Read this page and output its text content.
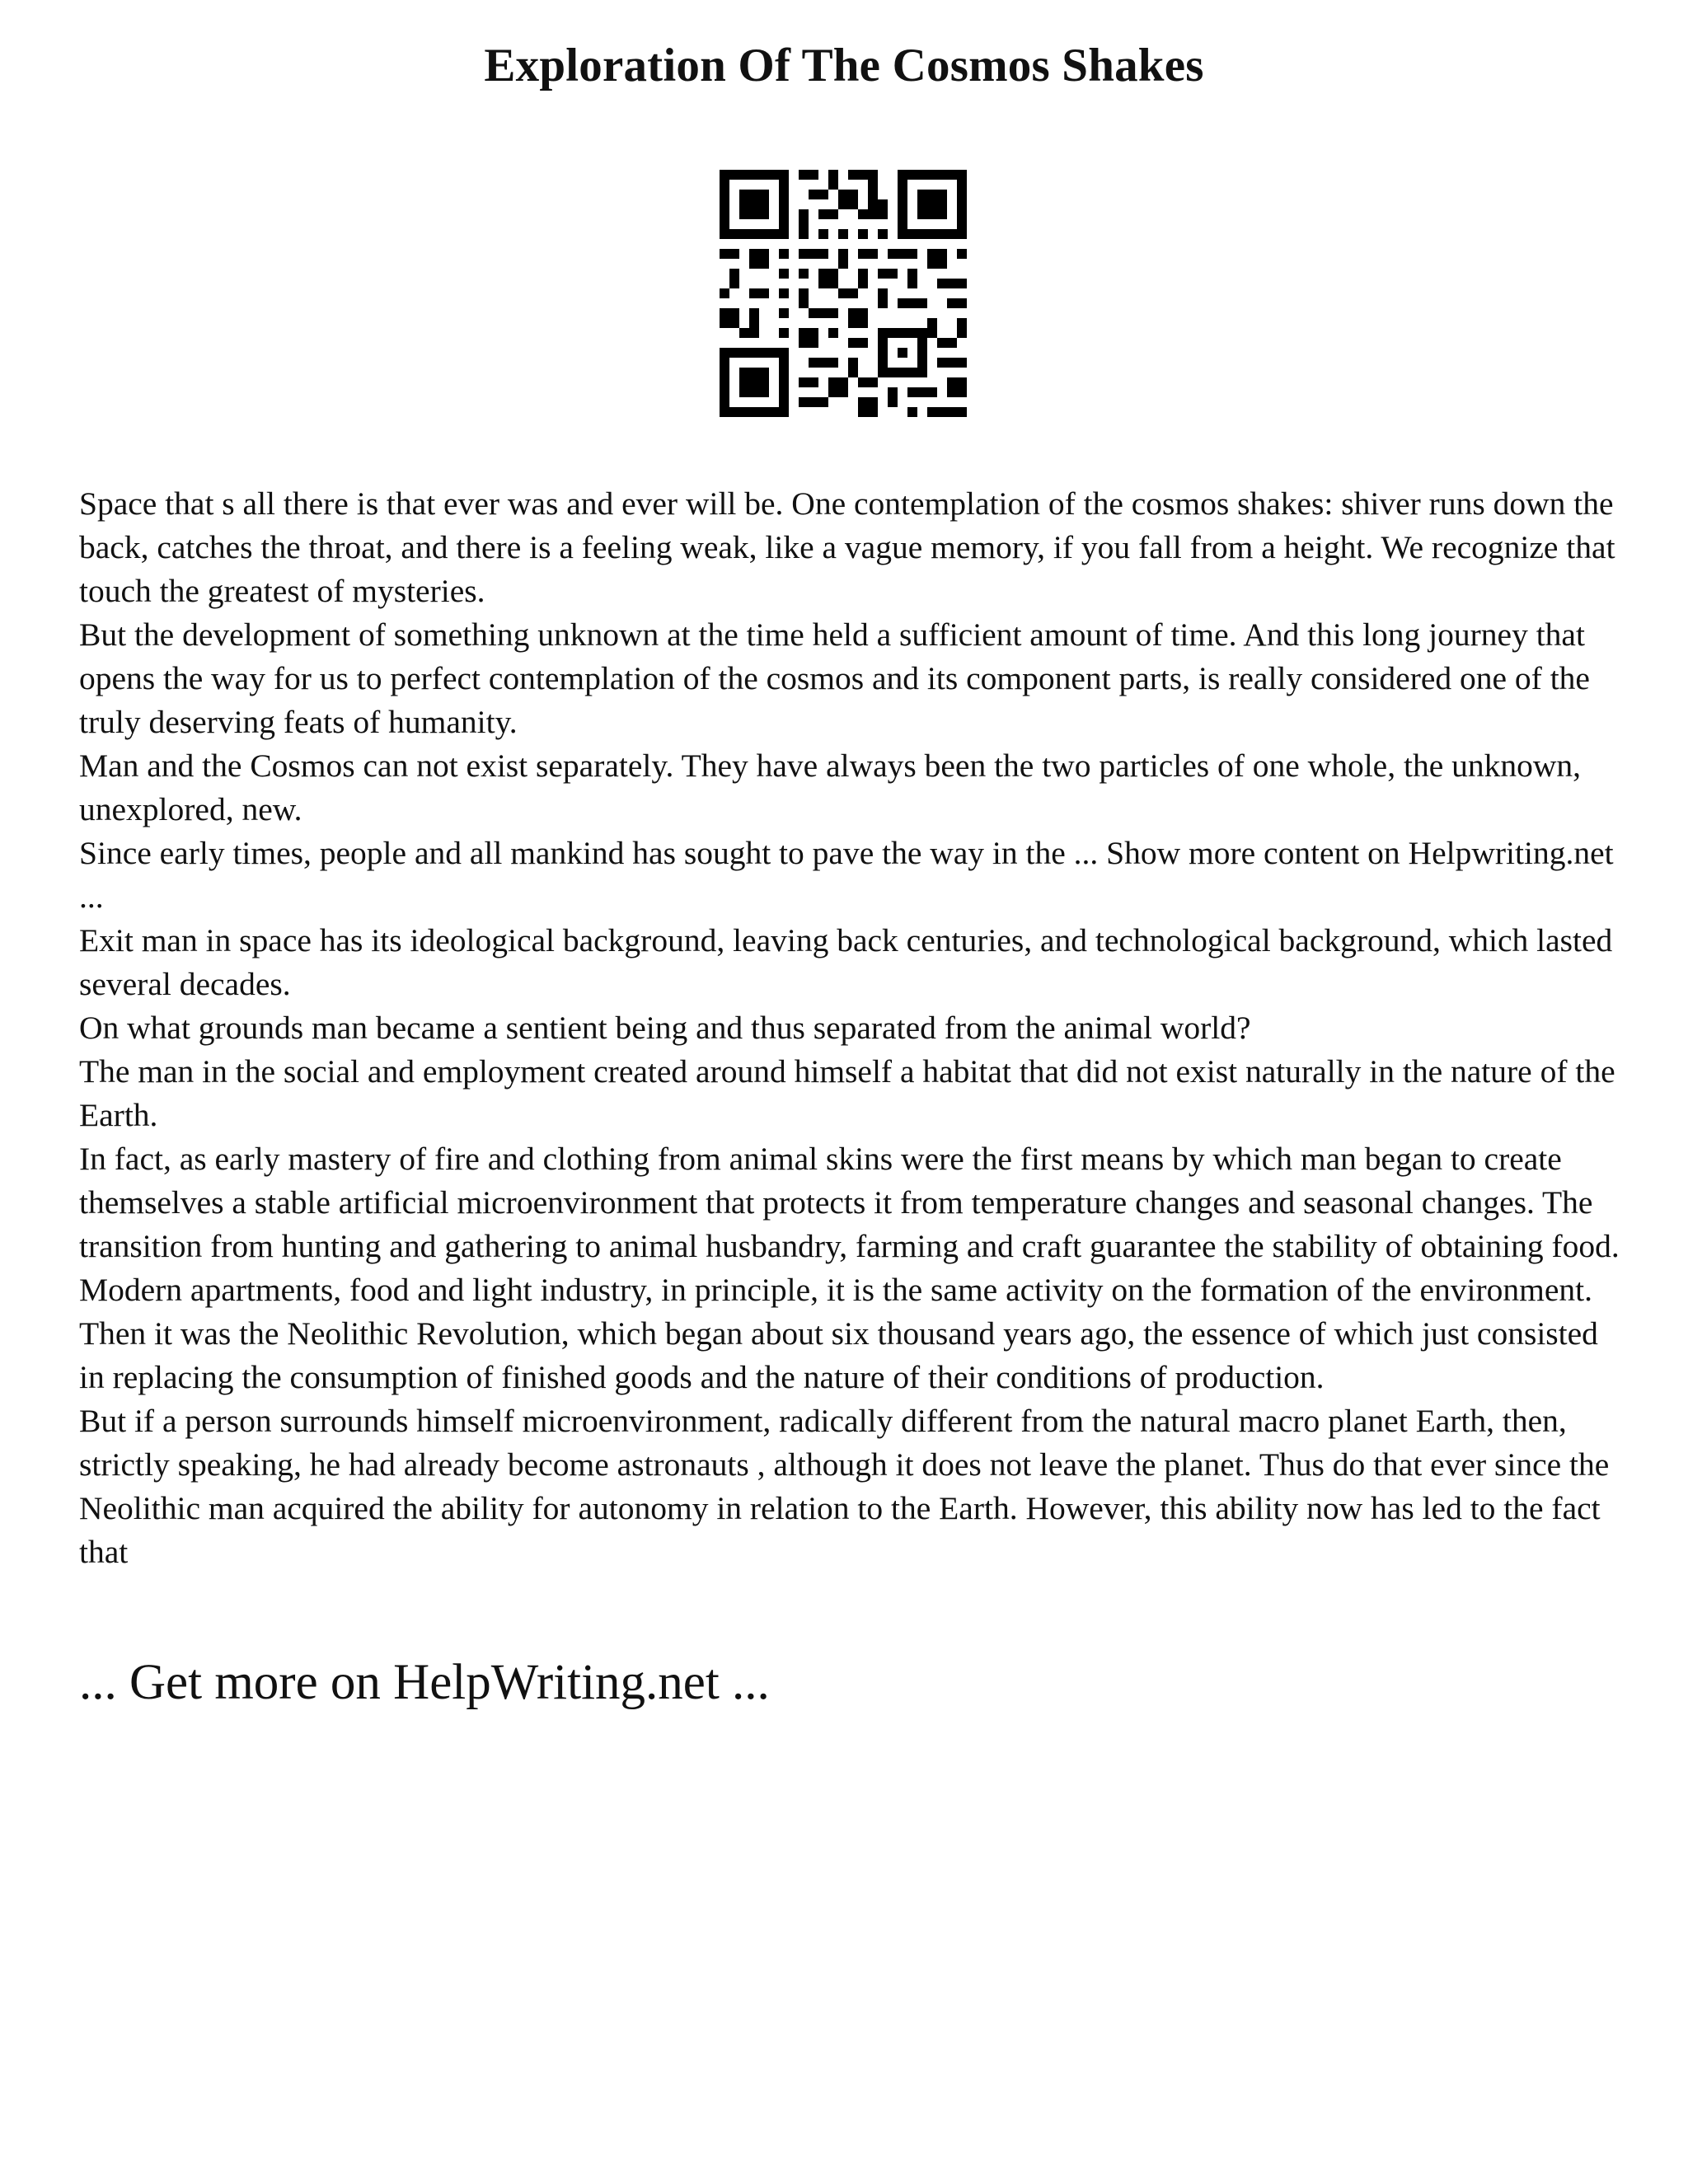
Exploration Of The Cosmos Shakes

Space that s all there is that ever was and ever will be. One contemplation of the cosmos shakes: shiver runs down the back, catches the throat, and there is a feeling weak, like a vague memory, if you fall from a height. We recognize that touch the greatest of mysteries.

But the development of something unknown at the time held a sufficient amount of time. And this long journey that opens the way for us to perfect contemplation of the cosmos and its component parts, is really considered one of the truly deserving feats of humanity.

Man and the Cosmos can not exist separately. They have always been the two particles of one whole, the unknown, unexplored, new.

Since early times, people and all mankind has sought to pave the way in the ... Show more content on Helpwriting.net ...

Exit man in space has its ideological background, leaving back centuries, and technological background, which lasted several decades.

On what grounds man became a sentient being and thus separated from the animal world?

The man in the social and employment created around himself a habitat that did not exist naturally in the nature of the Earth.

In fact, as early mastery of fire and clothing from animal skins were the first means by which man began to create themselves a stable artificial microenvironment that protects it from temperature changes and seasonal changes. The transition from hunting and gathering to animal husbandry, farming and craft guarantee the stability of obtaining food. Modern apartments, food and light industry, in principle, it is the same activity on the formation of the environment. Then it was the Neolithic Revolution, which began about six thousand years ago, the essence of which just consisted in replacing the consumption of finished goods and the nature of their conditions of production.

But if a person surrounds himself microenvironment, radically different from the natural macro planet Earth, then, strictly speaking, he had already become astronauts , although it does not leave the planet. Thus do that ever since the Neolithic man acquired the ability for autonomy in relation to the Earth. However, this ability now has led to the fact that

... Get more on HelpWriting.net ...
